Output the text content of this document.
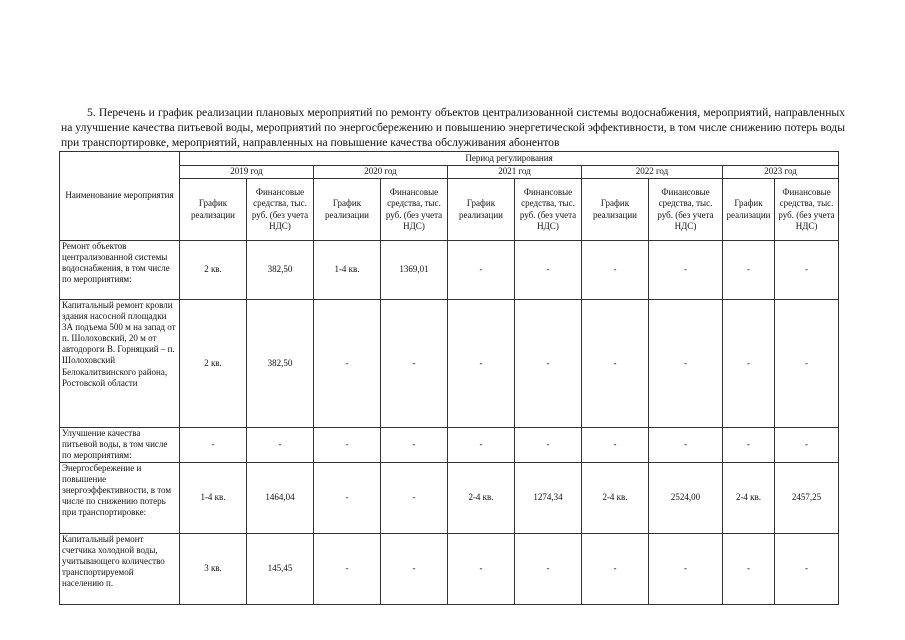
5. Перечень и график реализации плановых мероприятий по ремонту объектов централизованной системы водоснабжения, мероприятий, направленных на улучшение качества питьевой воды, мероприятий по энергосбережению и повышению энергетической эффективности, в том числе снижению потерь воды при транспортировке, мероприятий, направленных на повышение качества обслуживания абонентов

Наименование мероприятия	Период регулирования									
	2019 год		2020 год		2021 год		2022 год		2023 год	
	График реализации	Финансовые средства, тыс. руб. (без учета НДС)	График реализации	Финансовые средства, тыс. руб. (без учета НДС)	График реализации	Финансовые средства, тыс. руб. (без учета НДС)	График реализации	Финансовые средства, тыс. руб. (без учета НДС)	График реализации	Финансовые средства, тыс. руб. (без учета НДС)
Ремонт объектов централизованной системы водоснабжения, в том числе по мероприятиям:	2 кв.	382,50	1-4 кв.	1369,01	-	-	-	-	-	-
Капитальный ремонт кровли здания насосной площадки 3А подъема 500 м на запад от п. Шолоховский, 20 м от автодороги В. Горняцкий – п. Шолоховский Белокалитвинского района, Ростовской области	2 кв.	382,50	-	-	-	-	-	-	-	-
Улучшение качества питьевой воды, в том числе по мероприятиям:	-	-	-	-	-	-	-	-	-	-
Энергосбережение и повышение энергоэффективности, в том числе по снижению потерь при транспортировке:	1-4 кв.	1464,04	-	-	2-4 кв.	1274,34	2-4 кв.	2524,00	2-4 кв.	2457,25
Капитальный ремонт счетчика холодной воды, учитывающего количество транспортируемой населению п.	3 кв.	145,45	-	-	-	-	-	-	-	-
